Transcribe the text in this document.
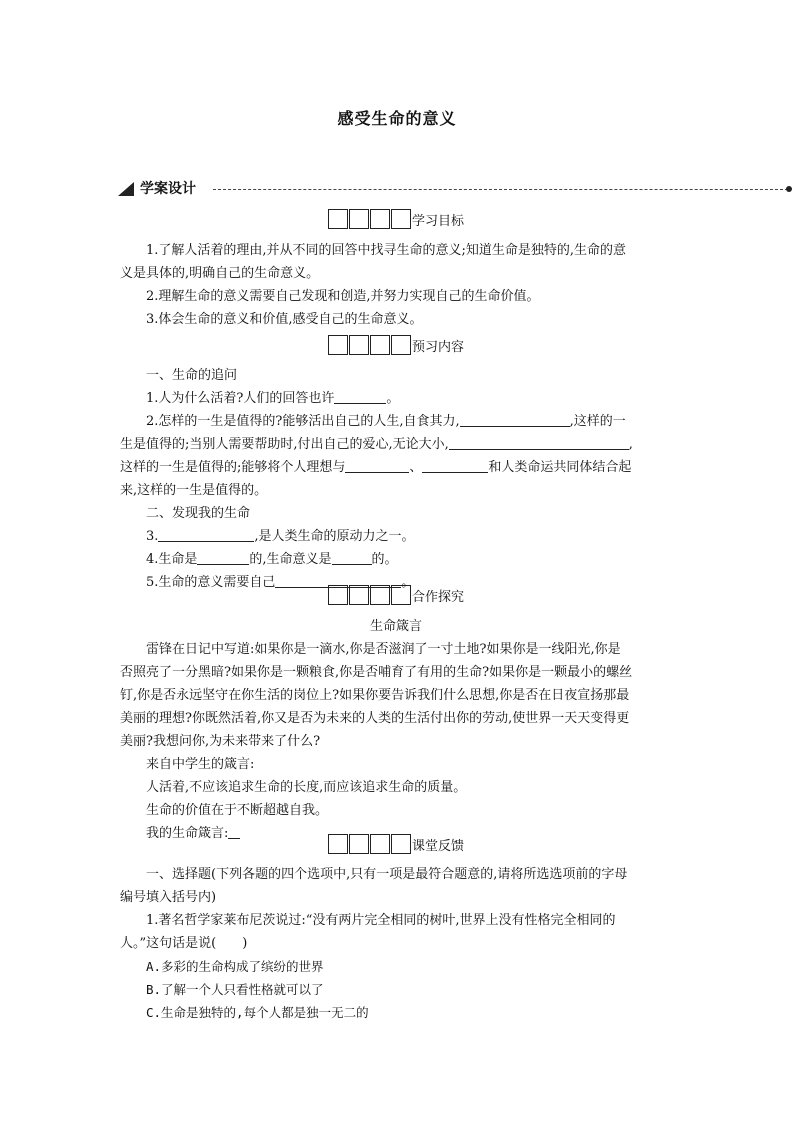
感受生命的意义
学案设计
学习目标

1.了解人活着的理由,并从不同的回答中找寻生命的意义;知道生命是独特的,生命的意

义是具体的,明确自己的生命意义。

2.理解生命的意义需要自己发现和创造,并努力实现自己的生命价值。

3.体会生命的意义和价值,感受自己的生命意义。

预习内容

一、生命的追问

1.人为什么活着?人们的回答也许	。

2.怎样的一生是值得的?能够活出自己的人生,自食其力,	,这样的一

生是值得的;当别人需要帮助时,付出自己的爱心,无论大小,	,

这样的一生是值得的;能够将个人理想与	、	和人类命运共同体结合起

来,这样的一生是值得的。

二、发现我的生命

3.	,是人类生命的原动力之一。

4.生命是	的,生命意义是	的。

5.生命的意义需要自己	。

合作探究

生命箴言

雷锋在日记中写道:如果你是一滴水,你是否滋润了一寸土地?如果你是一线阳光,你是

否照亮了一分黑暗?如果你是一颗粮食,你是否哺育了有用的生命?如果你是一颗最小的螺丝

钉,你是否永远坚守在你生活的岗位上?如果你要告诉我们什么思想,你是否在日夜宣扬那最

美丽的理想?你既然活着,你又是否为未来的人类的生活付出你的劳动,使世界一天天变得更

美丽?我想问你,为未来带来了什么?

来自中学生的箴言:

人活着,不应该追求生命的长度,而应该追求生命的质量。

生命的价值在于不断超越自我。

我的生命箴言:

课堂反馈

一、选择题(下列各题的四个选项中,只有一项是最符合题意的,请将所选选项前的字母

编号填入括号内)

1.著名哲学家莱布尼茨说过:“没有两片完全相同的树叶,世界上没有性格完全相同的

人。”这句话是说(　　)

A.多彩的生命构成了缤纷的世界

B.了解一个人只看性格就可以了

C.生命是独特的,每个人都是独一无二的
